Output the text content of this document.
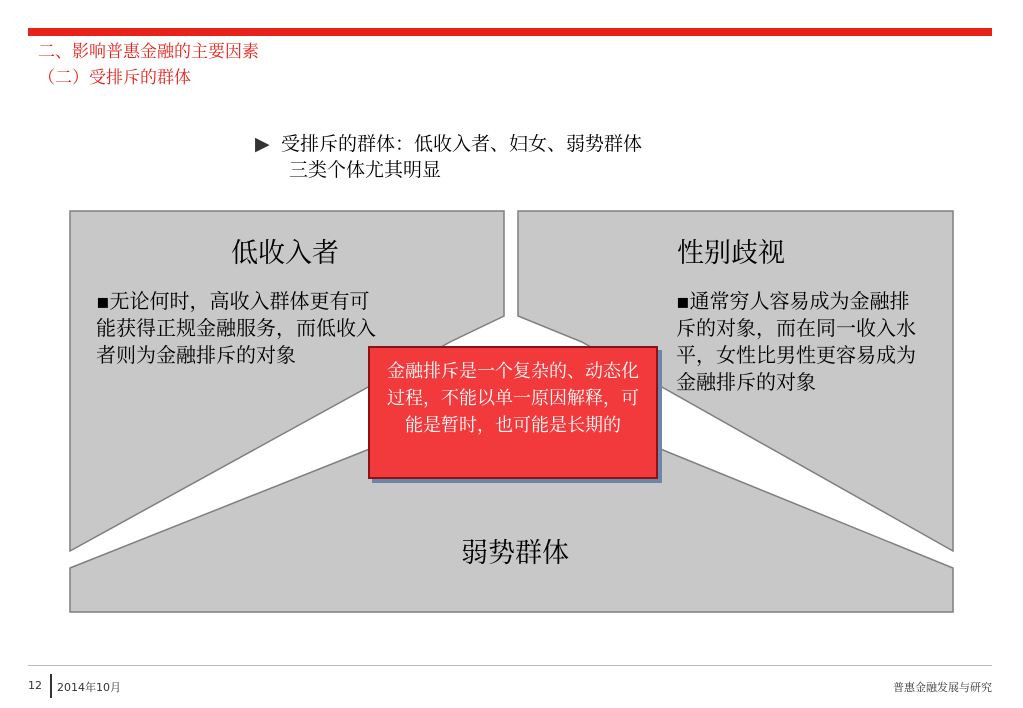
二、影响普惠金融的主要因素
（二）受排斥的群体
▶ 受排斥的群体：低收入者、妇女、弱势群体
三类个体尤其明显
低收入者
▪无论何时，高收入群体更有可能获得正规金融服务，而低收入者则为金融排斥的对象
性别歧视
▪通常穷人容易成为金融排斥的对象，而在同一收入水平，女性比男性更容易成为金融排斥的对象
弱势群体
金融排斥是一个复杂的、动态化过程，不能以单一原因解释，可能是暂时，也可能是长期的
12 2014年10月	普惠金融发展与研究
